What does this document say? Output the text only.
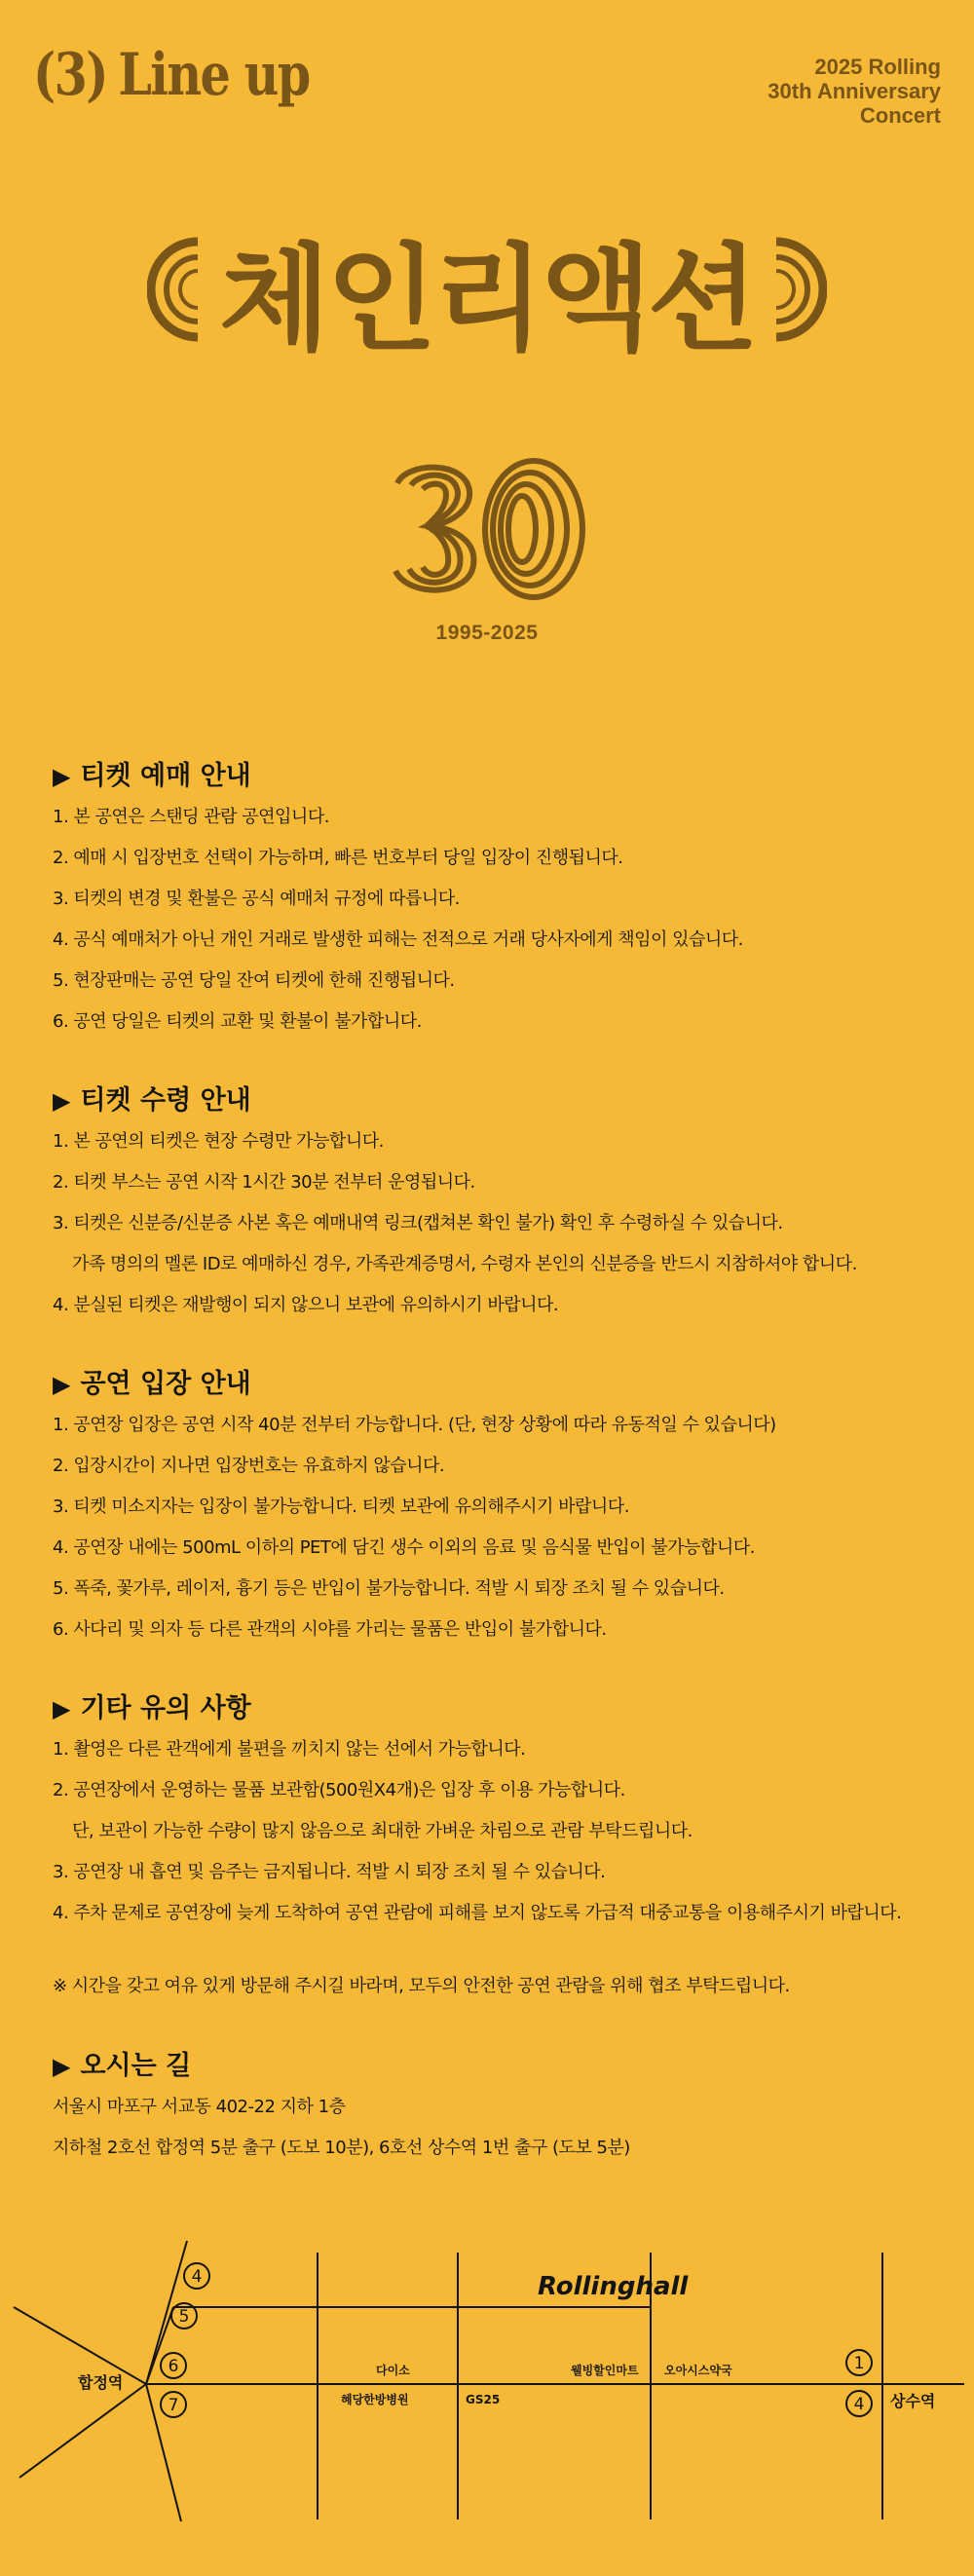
(3) Line up	2025 Rolling
30th Anniversary
Concert
체인리액션
1995-2025
▶ 티켓 예매 안내
1. 본 공연은 스탠딩 관람 공연입니다.
2. 예매 시 입장번호 선택이 가능하며, 빠른 번호부터 당일 입장이 진행됩니다.
3. 티켓의 변경 및 환불은 공식 예매처 규정에 따릅니다.
4. 공식 예매처가 아닌 개인 거래로 발생한 피해는 전적으로 거래 당사자에게 책임이 있습니다.
5. 현장판매는 공연 당일 잔여 티켓에 한해 진행됩니다.
6. 공연 당일은 티켓의 교환 및 환불이 불가합니다.
▶ 티켓 수령 안내
1. 본 공연의 티켓은 현장 수령만 가능합니다.
2. 티켓 부스는 공연 시작 1시간 30분 전부터 운영됩니다.
3. 티켓은 신분증/신분증 사본 혹은 예매내역 링크(캡쳐본 확인 불가) 확인 후 수령하실 수 있습니다.
가족 명의의 멜론 ID로 예매하신 경우, 가족관계증명서, 수령자 본인의 신분증을 반드시 지참하셔야 합니다.
4. 분실된 티켓은 재발행이 되지 않으니 보관에 유의하시기 바랍니다.
▶ 공연 입장 안내
1. 공연장 입장은 공연 시작 40분 전부터 가능합니다. (단, 현장 상황에 따라 유동적일 수 있습니다)
2. 입장시간이 지나면 입장번호는 유효하지 않습니다.
3. 티켓 미소지자는 입장이 불가능합니다. 티켓 보관에 유의해주시기 바랍니다.
4. 공연장 내에는 500mL 이하의 PET에 담긴 생수 이외의 음료 및 음식물 반입이 불가능합니다.
5. 폭죽, 꽃가루, 레이저, 흉기 등은 반입이 불가능합니다. 적발 시 퇴장 조치 될 수 있습니다.
6. 사다리 및 의자 등 다른 관객의 시야를 가리는 물품은 반입이 불가합니다.
▶ 기타 유의 사항
1. 촬영은 다른 관객에게 불편을 끼치지 않는 선에서 가능합니다.
2. 공연장에서 운영하는 물품 보관함(500원X4개)은 입장 후 이용 가능합니다.
단, 보관이 가능한 수량이 많지 않음으로 최대한 가벼운 차림으로 관람 부탁드립니다.
3. 공연장 내 흡연 및 음주는 금지됩니다. 적발 시 퇴장 조치 될 수 있습니다.
4. 주차 문제로 공연장에 늦게 도착하여 공연 관람에 피해를 보지 않도록 가급적 대중교통을 이용해주시기 바랍니다.
※ 시간을 갖고 여유 있게 방문해 주시길 바라며, 모두의 안전한 공연 관람을 위해 협조 부탁드립니다.
▶ 오시는 길
서울시 마포구 서교동 402-22 지하 1층
지하철 2호선 합정역 5분 출구 (도보 10분), 6호선 상수역 1번 출구 (도보 5분)
4
5
6
7
1
4
합정역
상수역
Rollinghall
다이소
혜당한방병원	GS25
웰빙할인마트 오아시스약국
